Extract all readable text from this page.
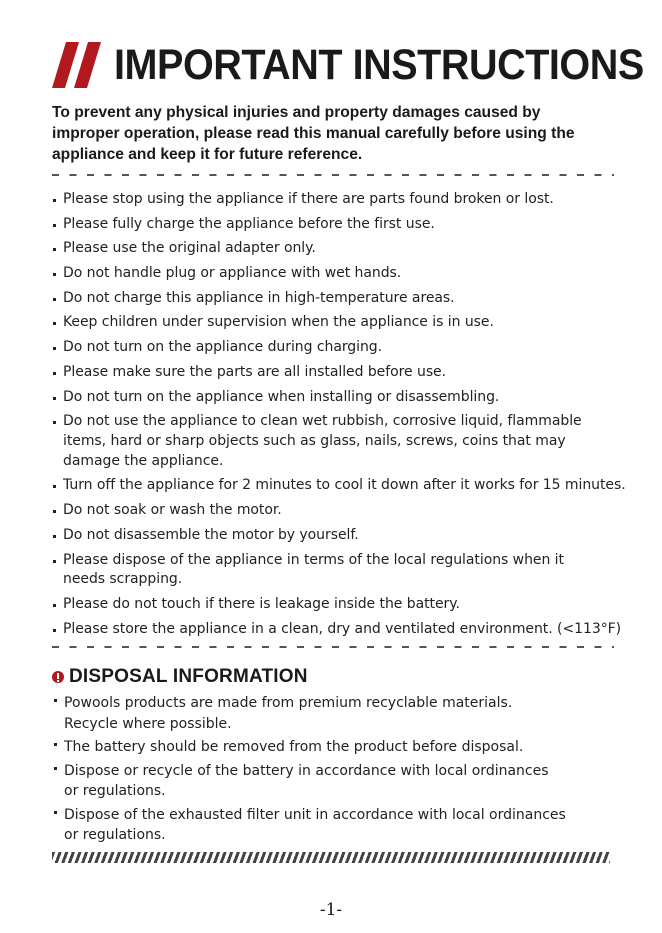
IMPORTANT INSTRUCTIONS
To prevent any physical injuries and property damages caused by
improper operation, please read this manual carefully before using the
appliance and keep it for future reference.
Please stop using the appliance if there are parts found broken or lost.
Please fully charge the appliance before the first use.
Please use the original adapter only.
Do not handle plug or appliance with wet hands.
Do not charge this appliance in high-temperature areas.
Keep children under supervision when the appliance is in use.
Do not turn on the appliance during charging.
Please make sure the parts are all installed before use.
Do not turn on the appliance when installing or disassembling.
Do not use the appliance to clean wet rubbish, corrosive liquid, flammable
items, hard or sharp objects such as glass, nails, screws, coins that may
damage the appliance.
Turn off the appliance for 2 minutes to cool it down after it works for 15 minutes.
Do not soak or wash the motor.
Do not disassemble the motor by yourself.
Please dispose of the appliance in terms of the local regulations when it
needs scrapping.
Please do not touch if there is leakage inside the battery.
Please store the appliance in a clean, dry and ventilated environment. (<113°F)
DISPOSAL INFORMATION
Powools products are made from premium recyclable materials.
Recycle where possible.
The battery should be removed from the product before disposal.
Dispose or recycle of the battery in accordance with local ordinances
or regulations.
Dispose of the exhausted filter unit in accordance with local ordinances
or regulations.
-1-
